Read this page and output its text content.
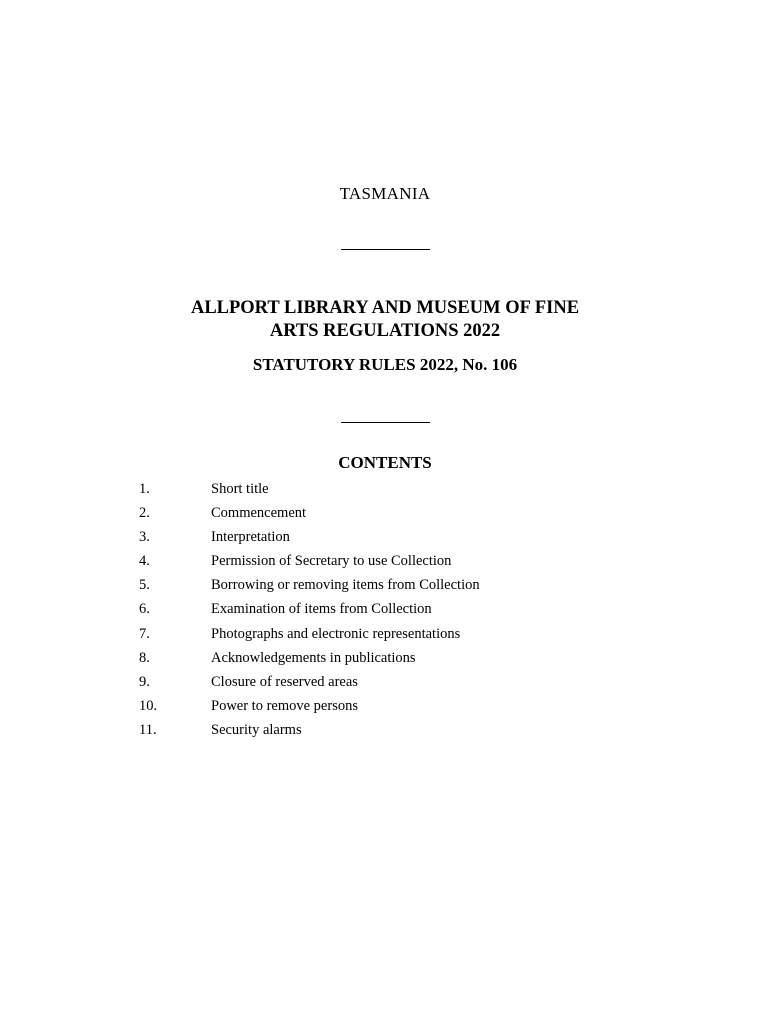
TASMANIA
ALLPORT LIBRARY AND MUSEUM OF FINE
ARTS REGULATIONS 2022
STATUTORY RULES 2022, No. 106
CONTENTS
1.	Short title
2.	Commencement
3.	Interpretation
4.	Permission of Secretary to use Collection
5.	Borrowing or removing items from Collection
6.	Examination of items from Collection
7.	Photographs and electronic representations
8.	Acknowledgements in publications
9.	Closure of reserved areas
10.	Power to remove persons
11.	Security alarms
